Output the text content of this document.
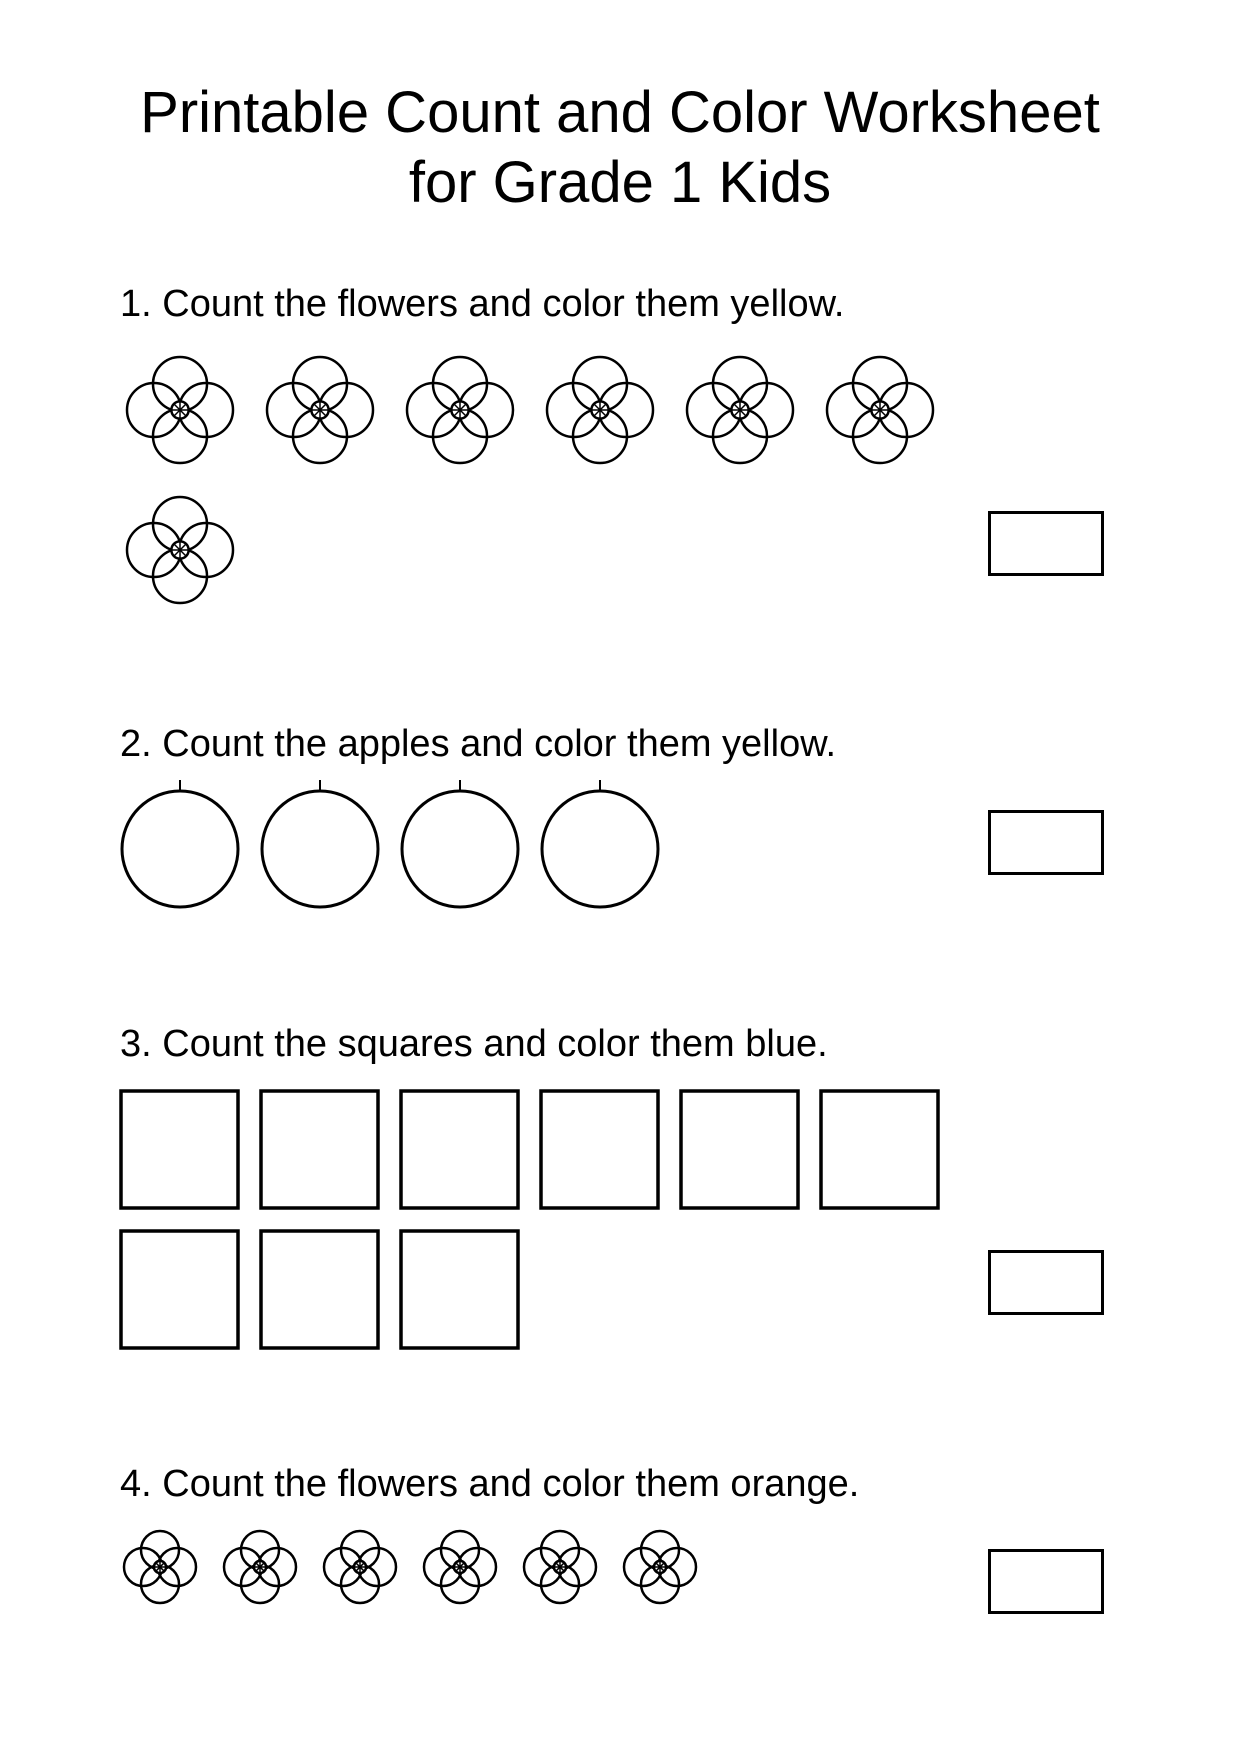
Printable Count and Color Worksheet
for Grade 1 Kids

1. Count the flowers and color them yellow.

2. Count the apples and color them yellow.

3. Count the squares and color them blue.

4. Count the flowers and color them orange.
